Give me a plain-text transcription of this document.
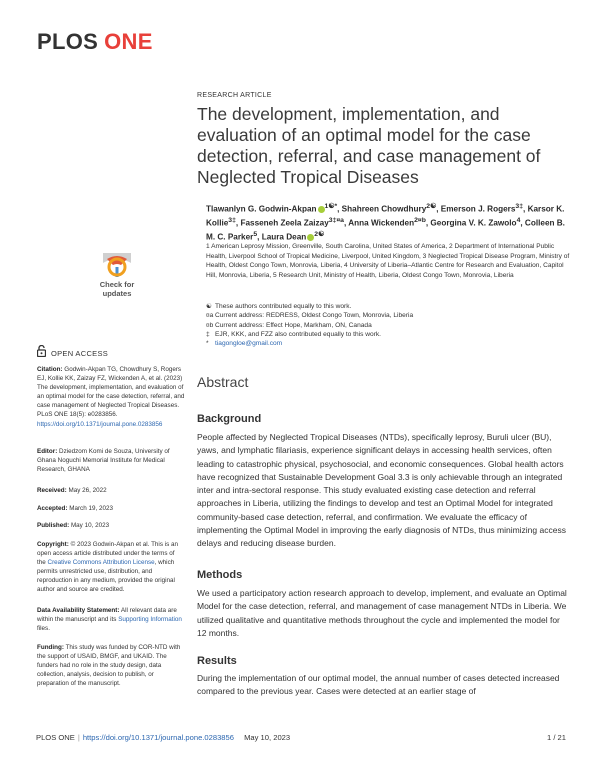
PLOS ONE
RESEARCH ARTICLE
The development, implementation, and evaluation of an optimal model for the case detection, referral, and case management of Neglected Tropical Diseases
Tlawanlyn G. Godwin-Akpan $^{1☯*}$, Shahreen Chowdhury$^{2☯}$, Emerson J. Rogers$^{3\ddagger}$, Karsor K. Kollie$^{3\ddagger}$, Fasseneh Zeela Zaizay$^{3\ddagger¤a}$, Anna Wickenden$^{2¤b}$, Georgina V. K. Zawolo$^4$, Colleen B. M. C. Parker$^5$, Laura Dean $^{2☯}$
1 American Leprosy Mission, Greenville, South Carolina, United States of America, 2 Department of International Public Health, Liverpool School of Tropical Medicine, Liverpool, United Kingdom, 3 Neglected Tropical Disease Program, Ministry of Health, Oldest Congo Town, Monrovia, Liberia, 4 University of Liberia–Atlantic Centre for Research and Evaluation, Capitol Hill, Monrovia, Liberia, 5 Research Unit, Ministry of Health, Liberia, Oldest Congo Town, Monrovia, Liberia
☯ These authors contributed equally to this work.
¤a Current address: REDRESS, Oldest Congo Town, Monrovia, Liberia
¤b Current address: Effect Hope, Markham, ON, Canada
‡ EJR, KKK, and FZZ also contributed equally to this work.
* tiagongloe@gmail.com
Check for
updates
OPEN ACCESS
Citation: Godwin-Akpan TG, Chowdhury S, Rogers EJ, Kollie KK, Zaizay FZ, Wickenden A, et al. (2023) The development, implementation, and evaluation of an optimal model for the case detection, referral, and case management of Neglected Tropical Diseases. PLoS ONE 18(5): e0283856. https://doi.org/10.1371/journal.pone.0283856
Editor: Dziedzom Komi de Souza, University of Ghana Noguchi Memorial Institute for Medical Research, GHANA
Received: May 26, 2022
Accepted: March 19, 2023
Published: May 10, 2023
Copyright: © 2023 Godwin-Akpan et al. This is an open access article distributed under the terms of the Creative Commons Attribution License, which permits unrestricted use, distribution, and reproduction in any medium, provided the original author and source are credited.
Data Availability Statement: All relevant data are within the manuscript and its Supporting Information files.
Funding: This study was funded by COR-NTD with the support of USAID, BMGF, and UKAID. The funders had no role in the study design, data collection, analysis, decision to publish, or preparation of the manuscript.
Abstract
Background
People affected by Neglected Tropical Diseases (NTDs), specifically leprosy, Buruli ulcer (BU), yaws, and lymphatic filariasis, experience significant delays in accessing health services, often leading to catastrophic physical, psychosocial, and economic consequences. Global health actors have recognized that Sustainable Development Goal 3.3 is only achievable through an integrated inter and intra-sectoral response. This study evaluated existing case detection and referral approaches in Liberia, utilizing the findings to develop and test an Optimal Model for integrated community-based case detection, referral, and confirmation. We evaluate the efficacy of implementing the Optimal Model in improving the early diagnosis of NTDs, thus minimizing access delays and reducing disease burden.
Methods
We used a participatory action research approach to develop, implement, and evaluate an Optimal Model for the case detection, referral, and management of case management NTDs in Liberia. We utilized qualitative and quantitative methods throughout the cycle and implemented the model for 12 months.
Results
During the implementation of our optimal model, the annual number of cases detected increased compared to the previous year. Cases were detected at an earlier stage of
PLOS ONE | https://doi.org/10.1371/journal.pone.0283856 May 10, 2023	1 / 21
